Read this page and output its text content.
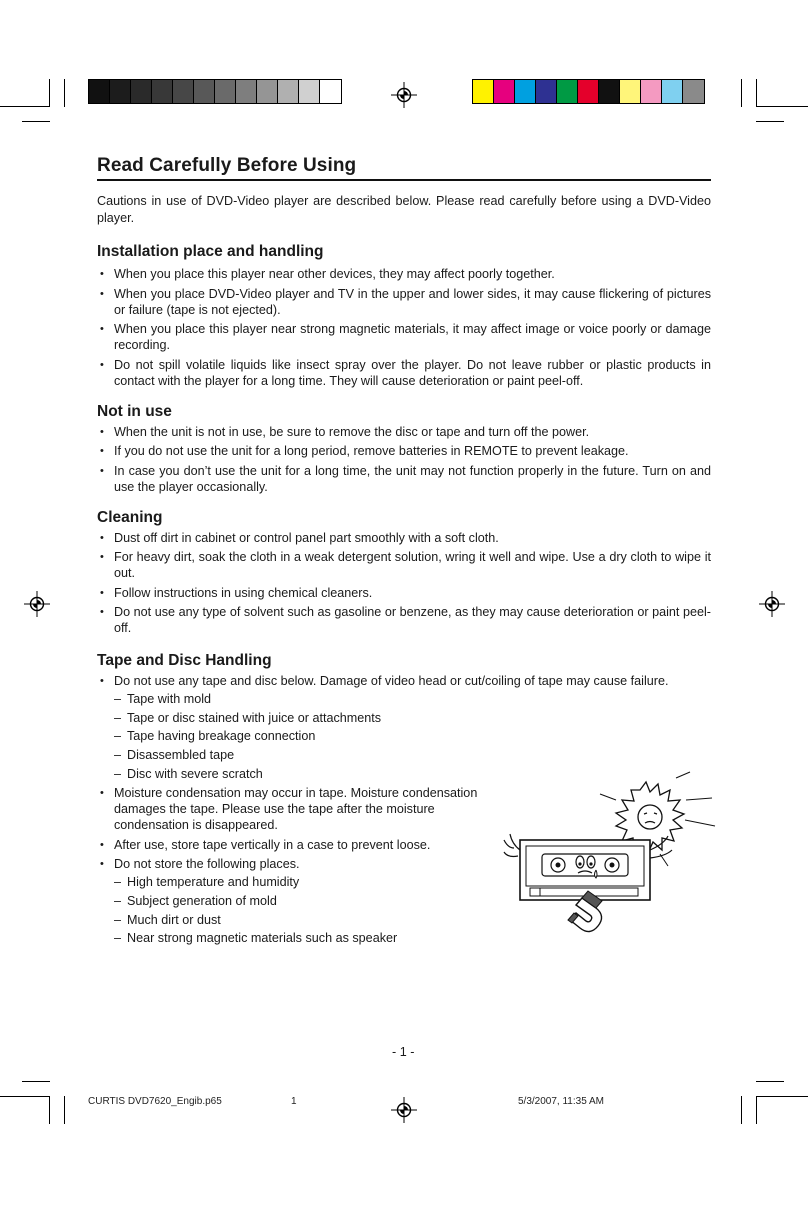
Read Carefully Before Using

Cautions in use of DVD-Video player are described below. Please read carefully before using a DVD-Video player.

Installation place and handling
• When you place this player near other devices, they may affect poorly together.
• When you place DVD-Video player and TV in the upper and lower sides, it may cause flickering of pictures or failure (tape is not ejected).
• When you place this player near strong magnetic materials, it may affect image or voice poorly or damage recording.
• Do not spill volatile liquids like insect spray over the player. Do not leave rubber or plastic products in contact with the player for a long time. They will cause deterioration or paint peel-off.
Not in use
• When the unit is not in use, be sure to remove the disc or tape and turn off the power.
• If you do not use the unit for a long period, remove batteries in REMOTE to prevent leakage.
• In case you don’t use the unit for a long time, the unit may not function properly in the future. Turn on and use the player occasionally.
Cleaning
• Dust off dirt in cabinet or control panel part smoothly with a soft cloth.
• For heavy dirt, soak the cloth in a weak detergent solution, wring it well and wipe. Use a dry cloth to wipe it out.
• Follow instructions in using chemical cleaners.
• Do not use any type of solvent such as gasoline or benzene, as they may cause deterioration or paint peel-off.
Tape and Disc Handling
• Do not use any tape and disc below. Damage of video head or cut/coiling of tape may cause failure.
– Tape with mold
– Tape or disc stained with juice or attachments
– Tape having breakage connection
– Disassembled tape
– Disc with severe scratch
• Moisture condensation may occur in tape. Moisture condensation damages the tape. Please use the tape after the moisture condensation is disappeared.
• After use, store tape vertically in a case to prevent loose.
• Do not store the following places.
– High temperature and humidity
– Subject generation of mold
– Much dirt or dust
– Near strong magnetic materials such as speaker
- 1 -
CURTIS DVD7620_Engib.p65	1	5/3/2007, 11:35 AM
